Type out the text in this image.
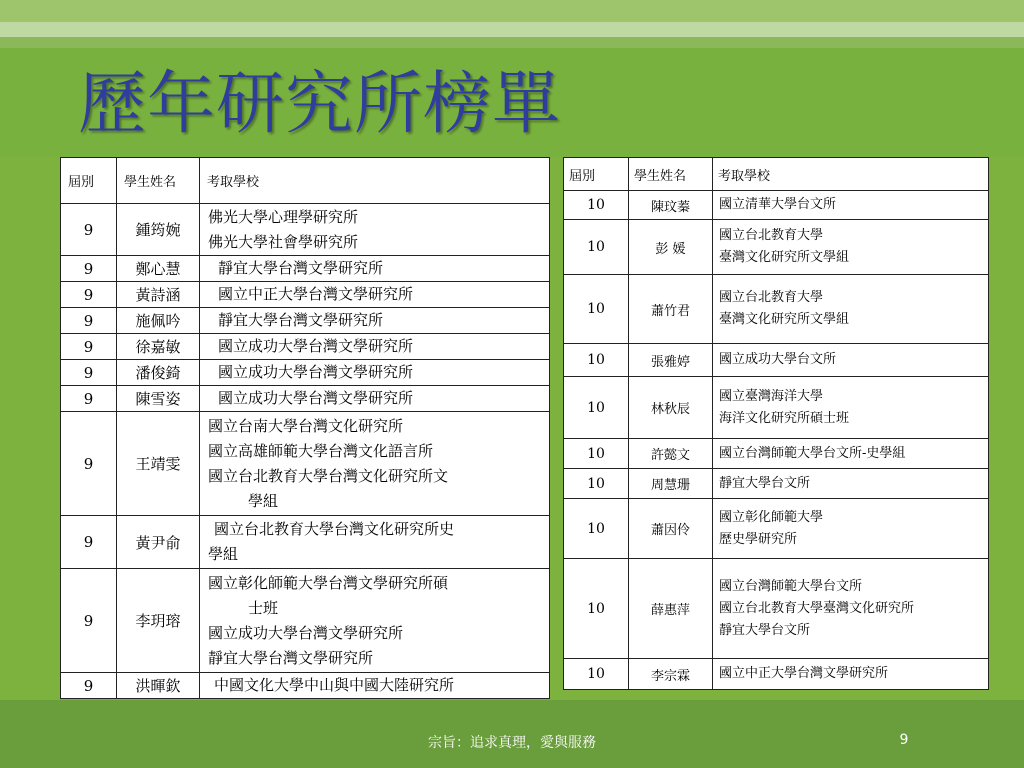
歷年研究所榜單
屆別	學生姓名	考取學校
9	鍾筠婉	佛光大學心理學研究所
佛光大學社會學研究所

9	鄭心慧	靜宜大學台灣文學研究所

9	黃詩涵	國立中正大學台灣文學研究所

9	施佩吟	靜宜大學台灣文學研究所

9	徐嘉敏	國立成功大學台灣文學研究所

9	潘俊錡	國立成功大學台灣文學研究所

9	陳雪姿	國立成功大學台灣文學研究所

9	王靖雯	國立台南大學台灣文化研究所
國立高雄師範大學台灣文化語言所
國立台北教育大學台灣文化研究所文
學組

9	黃尹俞	國立台北教育大學台灣文化研究所史
學組

9	李玥瑢	國立彰化師範大學台灣文學研究所碩
士班
國立成功大學台灣文學研究所
靜宜大學台灣文學研究所

9	洪暉欽	中國文化大學中山與中國大陸研究所
屆別	學生姓名	考取學校
10	陳玟蓁	國立清華大學台文所

10	彭 媛	國立台北教育大學
臺灣文化研究所文學組

10	蕭竹君	國立台北教育大學
臺灣文化研究所文學組

10	張雅婷	國立成功大學台文所

10	林秋辰	國立臺灣海洋大學
海洋文化研究所碩士班

10	許懿文	國立台灣師範大學台文所-史學組

10	周慧珊	靜宜大學台文所

10	蕭因伶	國立彰化師範大學
歷史學研究所

10	薛惠萍	國立台灣師範大學台文所
國立台北教育大學臺灣文化研究所
靜宜大學台文所

10	李宗霖	國立中正大學台灣文學研究所
宗旨：追求真理，愛與服務	9
